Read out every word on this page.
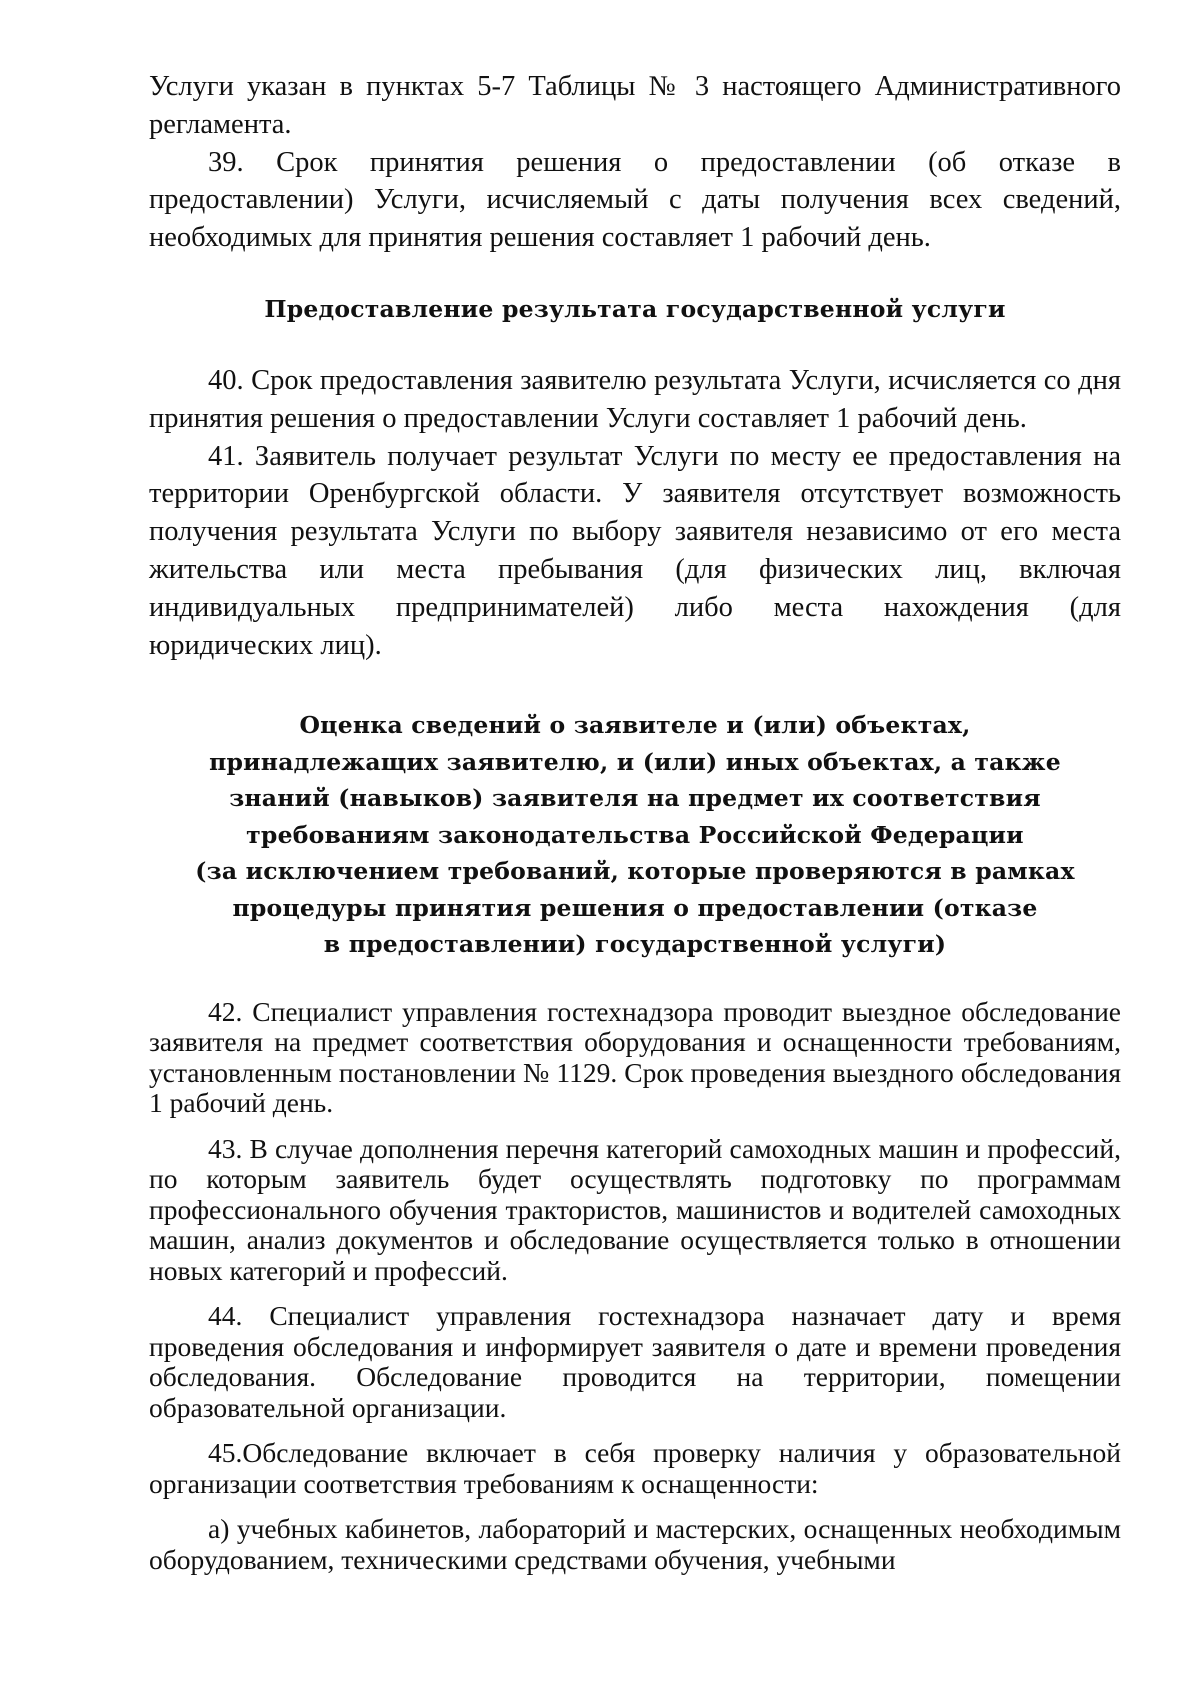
Услуги указан в пунктах 5-7 Таблицы № 3 настоящего Административного регламента.

39. Срок принятия решения о предоставлении (об отказе в предоставлении) Услуги, исчисляемый с даты получения всех сведений, необходимых для принятия решения составляет 1 рабочий день.

Предоставление результата государственной услуги

40. Срок предоставления заявителю результата Услуги, исчисляется со дня принятия решения о предоставлении Услуги составляет 1 рабочий день.

41. Заявитель получает результат Услуги по месту ее предоставления на территории Оренбургской области. У заявителя отсутствует возможность получения результата Услуги по выбору заявителя независимо от его места жительства или места пребывания (для физических лиц, включая индивидуальных предпринимателей) либо места нахождения (для юридических лиц).

Оценка сведений о заявителе и (или) объектах,
принадлежащих заявителю, и (или) иных объектах, а также
знаний (навыков) заявителя на предмет их соответствия
требованиям законодательства Российской Федерации
(за исключением требований, которые проверяются в рамках
процедуры принятия решения о предоставлении (отказе
в предоставлении) государственной услуги)

42. Специалист управления гостехнадзора проводит выездное обследование заявителя на предмет соответствия оборудования и оснащенности требованиям, установленным постановлении № 1129. Срок проведения выездного обследования 1 рабочий день.

43. В случае дополнения перечня категорий самоходных машин и профессий, по которым заявитель будет осуществлять подготовку по программам профессионального обучения трактористов, машинистов и водителей самоходных машин, анализ документов и обследование осуществляется только в отношении новых категорий и профессий.

44. Специалист управления гостехнадзора назначает дату и время проведения обследования и информирует заявителя о дате и времени проведения обследования. Обследование проводится на территории, помещении образовательной организации.

45.Обследование включает в себя проверку наличия у образовательной организации соответствия требованиям к оснащенности:

а) учебных кабинетов, лабораторий и мастерских, оснащенных необходимым оборудованием, техническими средствами обучения, учебными
